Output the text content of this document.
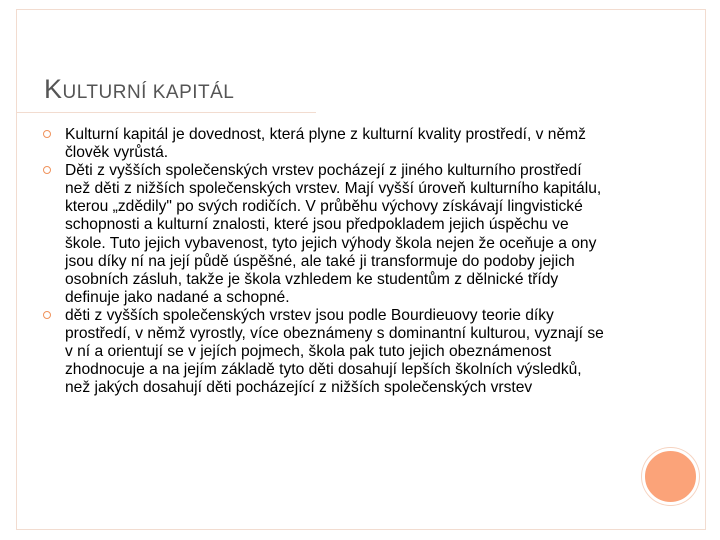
KULTURNÍ KAPITÁL
Kulturní kapitál je dovednost, která plyne z kulturní kvality prostředí, v němž člověk vyrůstá.
Děti z vyšších společenských vrstev pocházejí z jiného kulturního prostředí než děti z nižších společenských vrstev. Mají vyšší úroveň kulturního kapitálu, kterou „zdědily" po svých rodičích. V průběhu výchovy získávají lingvistické schopnosti a kulturní znalosti, které jsou předpokladem jejich úspěchu ve škole. Tuto jejich vybavenost, tyto jejich výhody škola nejen že oceňuje a ony jsou díky ní na její půdě úspěšné, ale také ji transformuje do podoby jejich osobních zásluh, takže je škola vzhledem ke studentům z dělnické třídy definuje jako nadané a schopné.
děti z vyšších společenských vrstev jsou podle Bourdieuovy teorie díky prostředí, v němž vyrostly, více obeznámeny s dominantní kulturou, vyznají se v ní a orientují se v jejích pojmech, škola pak tuto jejich obeznámenost zhodnocuje a na jejím základě tyto děti dosahují lepších školních výsledků, než jakých dosahují děti pocházející z nižších společenských vrstev
